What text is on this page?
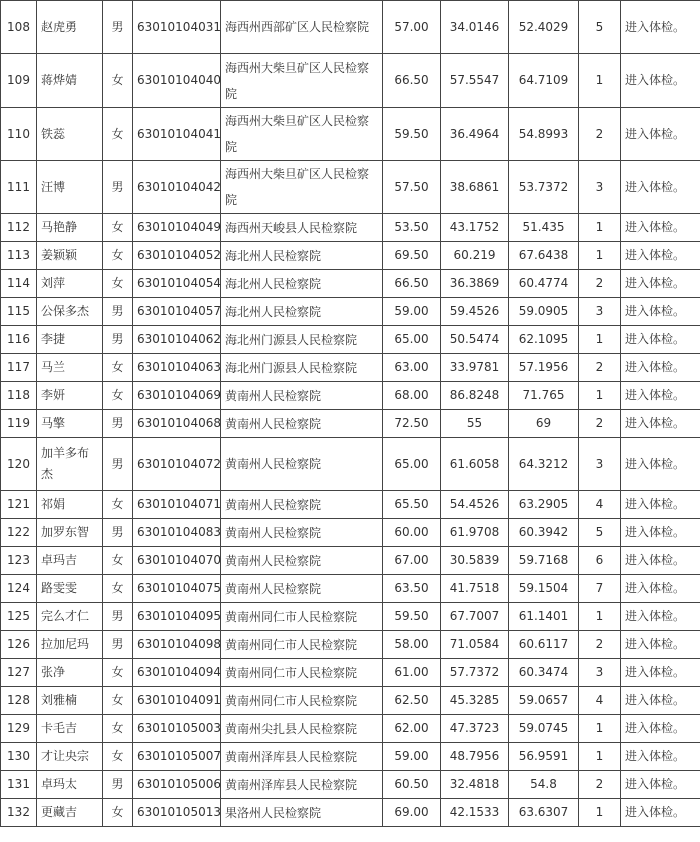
108	赵虎勇	男	63010104031	海西州西部矿区人民检察院	57.00	34.0146	52.4029	5	进入体检。
109	蒋烨婧	女	63010104040	海西州大柴旦矿区人民检察院	66.50	57.5547	64.7109	1	进入体检。
110	铁蕊	女	63010104041	海西州大柴旦矿区人民检察院	59.50	36.4964	54.8993	2	进入体检。
111	汪博	男	63010104042	海西州大柴旦矿区人民检察院	57.50	38.6861	53.7372	3	进入体检。
112	马艳静	女	63010104049	海西州天峻县人民检察院	53.50	43.1752	51.435	1	进入体检。
113	姜颖颖	女	63010104052	海北州人民检察院	69.50	60.219	67.6438	1	进入体检。
114	刘萍	女	63010104054	海北州人民检察院	66.50	36.3869	60.4774	2	进入体检。
115	公保多杰	男	63010104057	海北州人民检察院	59.00	59.4526	59.0905	3	进入体检。
116	李捷	男	63010104062	海北州门源县人民检察院	65.00	50.5474	62.1095	1	进入体检。
117	马兰	女	63010104063	海北州门源县人民检察院	63.00	33.9781	57.1956	2	进入体检。
118	李妍	女	63010104069	黄南州人民检察院	68.00	86.8248	71.765	1	进入体检。
119	马擎	男	63010104068	黄南州人民检察院	72.50	55	69	2	进入体检。
120	加羊多布杰	男	63010104072	黄南州人民检察院	65.00	61.6058	64.3212	3	进入体检。
121	祁娟	女	63010104071	黄南州人民检察院	65.50	54.4526	63.2905	4	进入体检。
122	加罗东智	男	63010104083	黄南州人民检察院	60.00	61.9708	60.3942	5	进入体检。
123	卓玛吉	女	63010104070	黄南州人民检察院	67.00	30.5839	59.7168	6	进入体检。
124	路雯雯	女	63010104075	黄南州人民检察院	63.50	41.7518	59.1504	7	进入体检。
125	完么才仁	男	63010104095	黄南州同仁市人民检察院	59.50	67.7007	61.1401	1	进入体检。
126	拉加尼玛	男	63010104098	黄南州同仁市人民检察院	58.00	71.0584	60.6117	2	进入体检。
127	张净	女	63010104094	黄南州同仁市人民检察院	61.00	57.7372	60.3474	3	进入体检。
128	刘雅楠	女	63010104091	黄南州同仁市人民检察院	62.50	45.3285	59.0657	4	进入体检。
129	卡毛吉	女	63010105003	黄南州尖扎县人民检察院	62.00	47.3723	59.0745	1	进入体检。
130	才让央宗	女	63010105007	黄南州泽库县人民检察院	59.00	48.7956	56.9591	1	进入体检。
131	卓玛太	男	63010105006	黄南州泽库县人民检察院	60.50	32.4818	54.8	2	进入体检。
132	更藏吉	女	63010105013	果洛州人民检察院	69.00	42.1533	63.6307	1	进入体检。
